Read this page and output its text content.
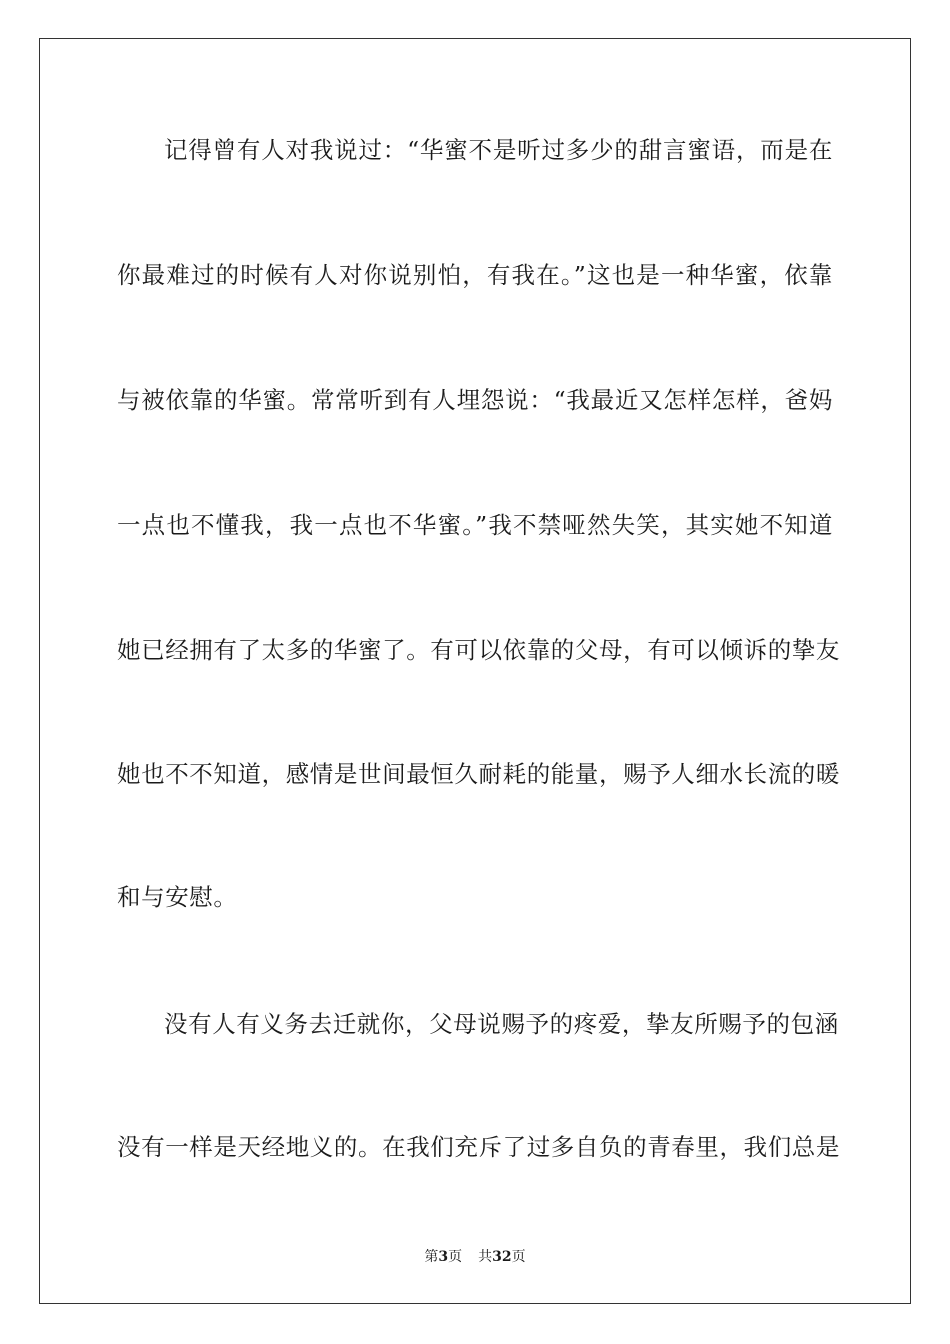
记得曾有人对我说过：“华蜜不是听过多少的甜言蜜语，而是在
你最难过的时候有人对你说别怕，有我在。”这也是一种华蜜，依靠
与被依靠的华蜜。常常听到有人埋怨说：“我最近又怎样怎样，爸妈
一点也不懂我，我一点也不华蜜。”我不禁哑然失笑，其实她不知道
她已经拥有了太多的华蜜了。有可以依靠的父母，有可以倾诉的挚友
她也不不知道，感情是世间最恒久耐耗的能量，赐予人细水长流的暖
和与安慰。
没有人有义务去迁就你，父母说赐予的疼爱，挚友所赐予的包涵
没有一样是天经地义的。在我们充斥了过多自负的青春里，我们总是
第3页 共32页
